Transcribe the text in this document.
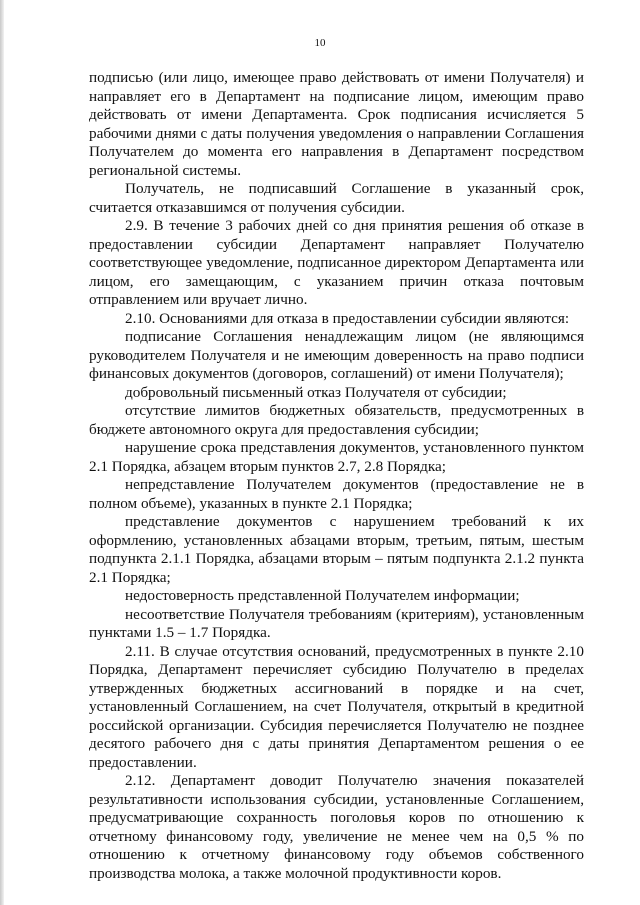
10

подписью (или лицо, имеющее право действовать от имени Получателя) и направляет его в Департамент на подписание лицом, имеющим право действовать от имени Департамента. Срок подписания исчисляется 5 рабочими днями с даты получения уведомления о направлении Соглашения Получателем до момента его направления в Департамент посредством региональной системы.

Получатель, не подписавший Соглашение в указанный срок, считается отказавшимся от получения субсидии.

2.9. В течение 3 рабочих дней со дня принятия решения об отказе в предоставлении субсидии Департамент направляет Получателю соответствующее уведомление, подписанное директором Департамента или лицом, его замещающим, с указанием причин отказа почтовым отправлением или вручает лично.

2.10. Основаниями для отказа в предоставлении субсидии являются:

подписание Соглашения ненадлежащим лицом (не являющимся руководителем Получателя и не имеющим доверенность на право подписи финансовых документов (договоров, соглашений) от имени Получателя);

добровольный письменный отказ Получателя от субсидии;

отсутствие лимитов бюджетных обязательств, предусмотренных в бюджете автономного округа для предоставления субсидии;

нарушение срока представления документов, установленного пунктом 2.1 Порядка, абзацем вторым пунктов 2.7, 2.8 Порядка;

непредставление Получателем документов (предоставление не в полном объеме), указанных в пункте 2.1 Порядка;

представление документов с нарушением требований к их оформлению, установленных абзацами вторым, третьим, пятым, шестым подпункта 2.1.1 Порядка, абзацами вторым – пятым подпункта 2.1.2 пункта 2.1 Порядка;

недостоверность представленной Получателем информации;

несоответствие Получателя требованиям (критериям), установленным пунктами 1.5 – 1.7 Порядка.

2.11. В случае отсутствия оснований, предусмотренных в пункте 2.10 Порядка, Департамент перечисляет субсидию Получателю в пределах утвержденных бюджетных ассигнований в порядке и на счет, установленный Соглашением, на счет Получателя, открытый в кредитной российской организации. Субсидия перечисляется Получателю не позднее десятого рабочего дня с даты принятия Департаментом решения о ее предоставлении.

2.12. Департамент доводит Получателю значения показателей результативности использования субсидии, установленные Соглашением, предусматривающие сохранность поголовья коров по отношению к отчетному финансовому году, увеличение не менее чем на 0,5 % по отношению к отчетному финансовому году объемов собственного производства молока, а также молочной продуктивности коров.
